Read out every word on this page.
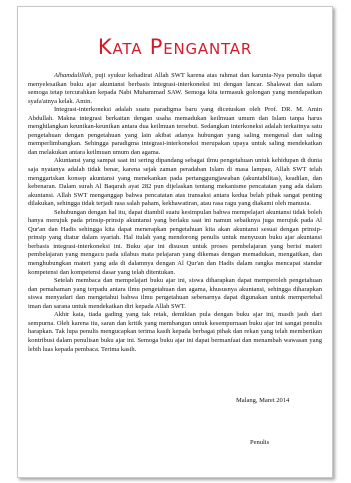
Kata Pengantar

Alhamdulillah, puji syukur kehadirat Allah SWT karena atas rahmat dan karunia-Nya penulis dapat menyelesaikan buku ajar akuntansi berbasis integrasi-interkoneksi ini dengan lancar. Shalawat dan salam semoga tetap tercurahkan kepada Nabi Muhammad SAW. Semoga kita termasuk golongan yang mendapatkan syafa'atnya kelak. Amin.

Integrasi-interkoneksi adalah suatu paradigma baru yang dicetuskan oleh Prof. DR. M. Amin Abdullah. Makna integrasi berkaitan dengan usaha memadukan keilmuan umum dan Islam tanpa harus menghilangkan keunikan-keunikan antara dua keilmuan tersebut. Sedangkan interkoneksi adalah terkaitnya satu pengetahuan dengan pengetahuan yang lain akibat adanya hubungan yang saling mengenal dan saling memperlimbangkan. Sehingga paradigma integrasi-interkoneksi merupakan upaya untuk saling mendekatkan dan melakukan antara keilmuan umum dan agama.

Akuntansi yang sampai saat ini sering dipandang sebagai ilmu pengetahuan untuk kehidupan di dunia saja nyatanya adalah tidak benar, karena sejak zaman peradaban Islam di masa lampau, Allah SWT telah menggariskan konsep akuntansi yang menekankan pada pertanggungjawaban (akuntabilitas), keadilan, dan kebenaran. Dalam surah Al Baqarah ayat 282 pun dijelaskan tentang mekanisme pencatatan yang ada dalam akuntansi. Allah SWT menganggap bahwa pencatatan atas transaksi antara kedua belah pihak sangat penting dilakukan, sehingga tidak terjadi rasa salah paham, kekhawatiran, atau rasa ragu yang diakami oleh manusia.

Sehubungan dengan hal itu, dapat diambil suatu kesimpulan bahwa mempelajari akuntansi tidak boleh hanya merujuk pada prinsip-prinsip akuntansi yang berlaku saat ini namun sebaiknya juga merujuk pada Al Qur'an dan Hadis sehingga kita dapat menerapkan pengetahuan kita akan akuntansi sesuai dengan prinsip-prinsip yang diatur dalam syariah. Hal itulah yang mendorong penulis untuk menyusun buku ajar akuntansi berbasis integrasi-interkoneksi ini. Buku ajar ini disusun untuk proses pembelajaran yang berisi materi pembelajaran yang mengacu pada silabus mata pelajaran yang dikemas dengan memadukan, mengaitkan, dan menghubungkan materi yang ada di dalamnya dengan Al Qur'an dan Hadis dalam rangka mencapai standar kompetensi dan kompetensi dasar yang telah ditentukan.

Setelah membaca dan mempelajari buku ajar ini, siswa diharapkan dapat memperoleh pengetahuan dan pemahaman yang terpadu antara ilmu pengetahuan dan agama, khususnya akuntansi, sehingga diharapkan siswa menyadari dan mengetahui bahwa ilmu pengetahuan sebenarnya dapat digunakan untuk mempertebal iman dan sarana untuk mendekatkan diri kepada Allah SWT.

Akhir kata, tiada gading yang tak retak, demikian pula dengan buku ajar ini, masih jauh dari sempurna. Oleh karena itu, saran dan kritik yang membangun untuk kesempurnaan buku ajar ini sangat penulis harapkan. Tak lupa penulis mengucapkan terima kasih kepada berbagai pihak dan rekan yang telah memberikan kontribusi dalam penulisan buku ajar ini. Semoga buku ajar ini dapat bermanfaat dan menambah wawasan yang lebih luas kepada pembaca. Terima kasih.

Malang, Maret 2014
Penulis
